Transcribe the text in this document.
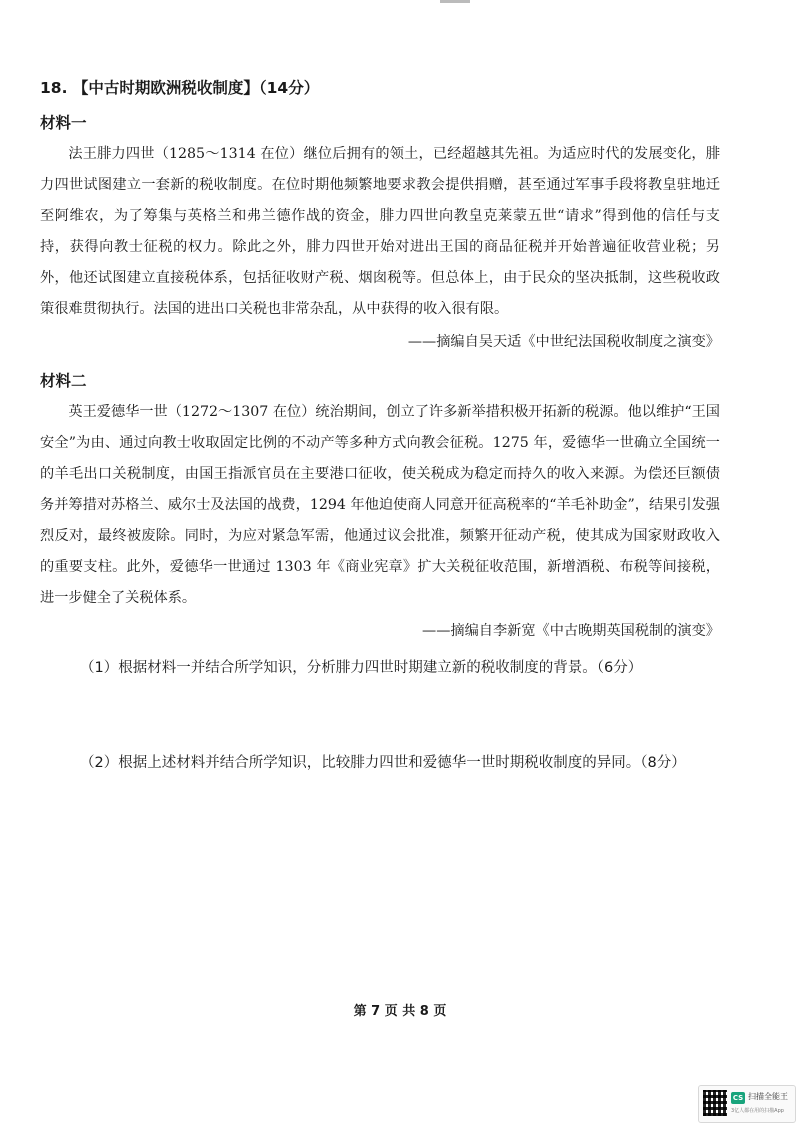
18. 【中古时期欧洲税收制度】（14分）

材料一

法王腓力四世（1285～1314 在位）继位后拥有的领土，已经超越其先祖。为适应时代的发展变化，腓力四世试图建立一套新的税收制度。在位时期他频繁地要求教会提供捐赠，甚至通过军事手段将教皇驻地迁至阿维农，为了筹集与英格兰和弗兰德作战的资金，腓力四世向教皇克莱蒙五世“请求”得到他的信任与支持，获得向教士征税的权力。除此之外，腓力四世开始对进出王国的商品征税并开始普遍征收营业税；另外，他还试图建立直接税体系，包括征收财产税、烟囱税等。但总体上，由于民众的坚决抵制，这些税收政策很难贯彻执行。法国的进出口关税也非常杂乱，从中获得的收入很有限。

——摘编自吴天适《中世纪法国税收制度之演变》

材料二

英王爱德华一世（1272～1307 在位）统治期间，创立了许多新举措积极开拓新的税源。他以维护“王国安全”为由、通过向教士收取固定比例的不动产等多种方式向教会征税。1275 年，爱德华一世确立全国统一的羊毛出口关税制度，由国王指派官员在主要港口征收，使关税成为稳定而持久的收入来源。为偿还巨额债务并筹措对苏格兰、威尔士及法国的战费，1294 年他迫使商人同意开征高税率的“羊毛补助金”，结果引发强烈反对，最终被废除。同时，为应对紧急军需，他通过议会批准，频繁开征动产税，使其成为国家财政收入的重要支柱。此外，爱德华一世通过 1303 年《商业宪章》扩大关税征收范围，新增酒税、布税等间接税，进一步健全了关税体系。

——摘编自李新宽《中古晚期英国税制的演变》

（1）根据材料一并结合所学知识，分析腓力四世时期建立新的税收制度的背景。（6分）

（2）根据上述材料并结合所学知识，比较腓力四世和爱德华一世时期税收制度的异同。（8分）

第 7 页 共 8 页
CS 扫描全能王
3亿人都在用的扫描App
